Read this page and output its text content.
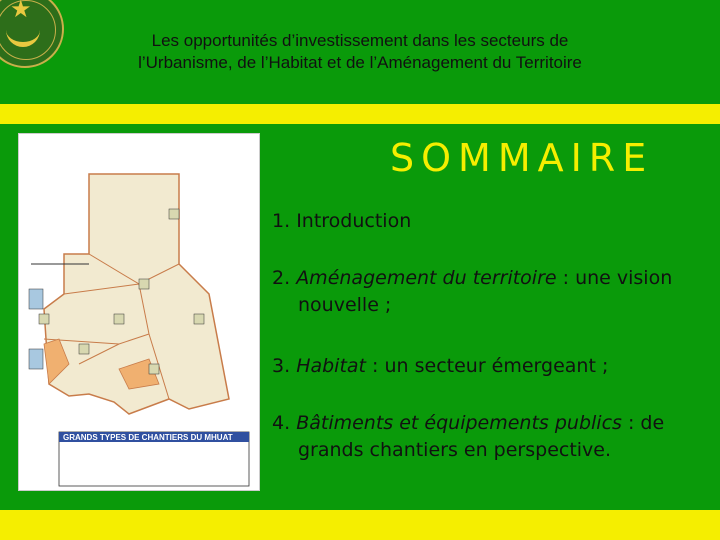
★
Les opportunités d’investissement dans les secteurs de
l’Urbanisme, de l’Habitat et de l’Aménagement du Territoire
GRANDS TYPES DE CHANTIERS DU MHUAT
SOMMAIRE
1. Introduction
2. Aménagement du territoire : une vision
nouvelle ;
3. Habitat : un secteur émergeant ;
4. Bâtiments et équipements publics : de
grands chantiers en perspective.
